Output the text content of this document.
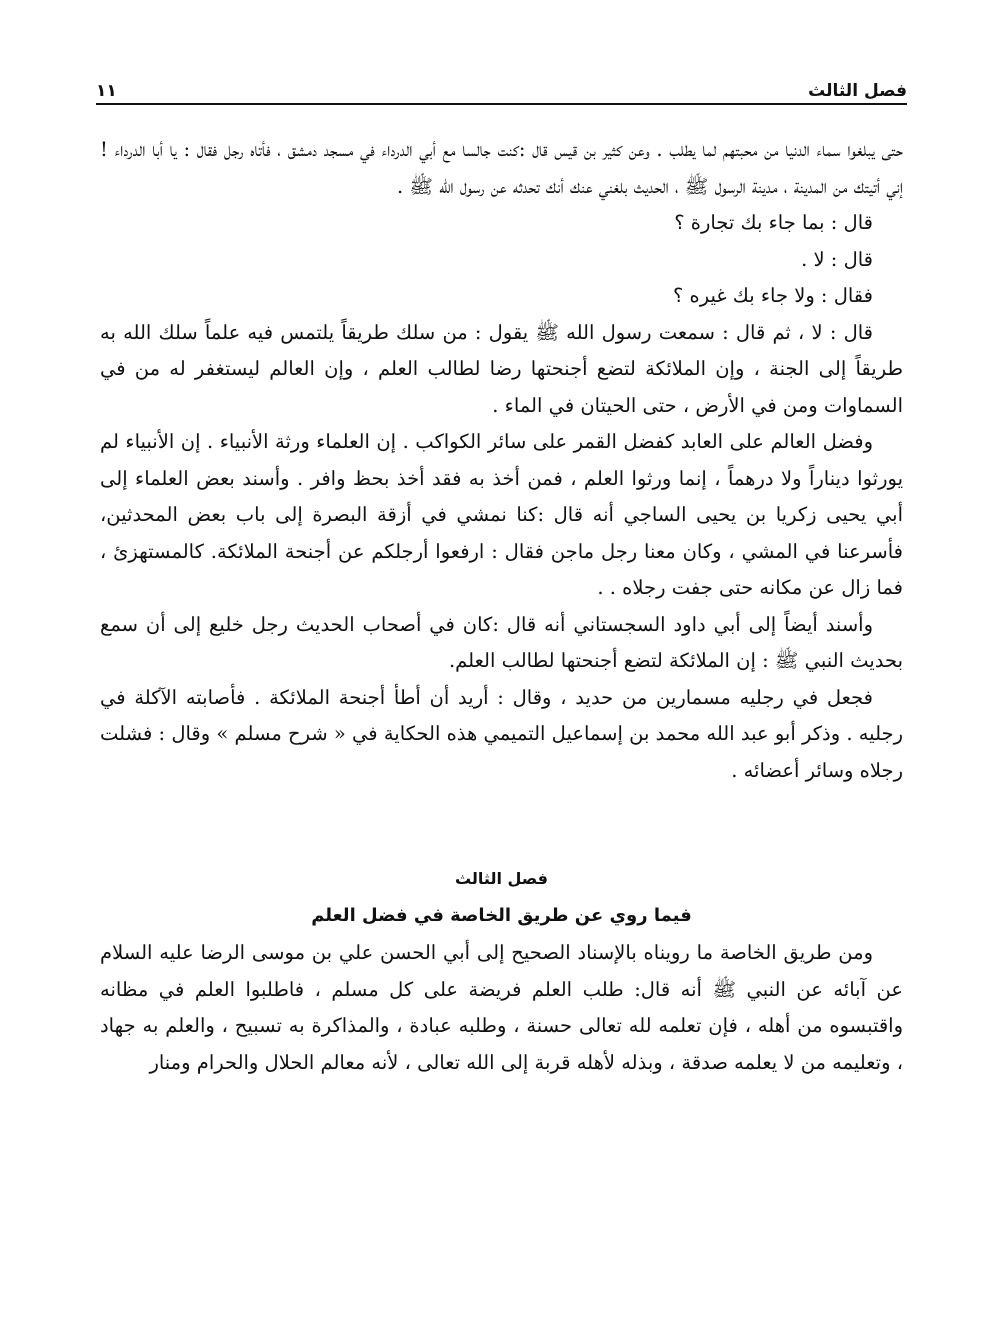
فصل الثالث
١١

حتى يبلغوا سماء الدنيا من محبتهم لما يطلب . وعن كثير بن قيس قال :كنت جالسا مع أبي الدرداء في مسجد دمشق ، فأتاه رجل فقال : يا أبا الدرداء ! إني أتيتك من المدينة ، مدينة الرسول ﷺ ، الحديث بلغني عنك أنك تحدثه عن رسول الله ﷺ .

قال : بما جاء بك تجارة ؟

قال : لا .

فقال : ولا جاء بك غيره ؟

قال : لا ، ثم قال : سمعت رسول الله ﷺ يقول : من سلك طريقاً يلتمس فيه علماً سلك الله به طريقاً إلى الجنة ، وإن الملائكة لتضع أجنحتها رضا لطالب العلم ، وإن العالم ليستغفر له من في السماوات ومن في الأرض ، حتى الحيتان في الماء .

وفضل العالم على العابد كفضل القمر على سائر الكواكب . إن العلماء ورثة الأنبياء . إن الأنبياء لم يورثوا ديناراً ولا درهماً ، إنما ورثوا العلم ، فمن أخذ به فقد أخذ بحظ وافر . وأسند بعض العلماء إلى أبي يحيى زكريا بن يحيى الساجي أنه قال :كنا نمشي في أزقة البصرة إلى باب بعض المحدثين، فأسرعنا في المشي ، وكان معنا رجل ماجن فقال : ارفعوا أرجلكم عن أجنحة الملائكة. كالمستهزئ ، فما زال عن مكانه حتى جفت رجلاه . .

وأسند أيضاً إلى أبي داود السجستاني أنه قال :كان في أصحاب الحديث رجل خليع إلى أن سمع بحديث النبي ﷺ : إن الملائكة لتضع أجنحتها لطالب العلم.

فجعل في رجليه مسمارين من حديد ، وقال : أريد أن أطأ أجنحة الملائكة . فأصابته الآكلة في رجليه . وذكر أبو عبد الله محمد بن إسماعيل التميمي هذه الحكاية في « شرح مسلم » وقال : فشلت رجلاه وسائر أعضائه .

فصل الثالث
فيما روي عن طريق الخاصة في فضل العلم

ومن طريق الخاصة ما رويناه بالإسناد الصحيح إلى أبي الحسن علي بن موسى الرضا عليه السلام عن آبائه عن النبي ﷺ أنه قال: طلب العلم فريضة على كل مسلم ، فاطلبوا العلم في مظانه واقتبسوه من أهله ، فإن تعلمه لله تعالى حسنة ، وطلبه عبادة ، والمذاكرة به تسبيح ، والعلم به جهاد ، وتعليمه من لا يعلمه صدقة ، وبذله لأهله قربة إلى الله تعالى ، لأنه معالم الحلال والحرام ومنار
